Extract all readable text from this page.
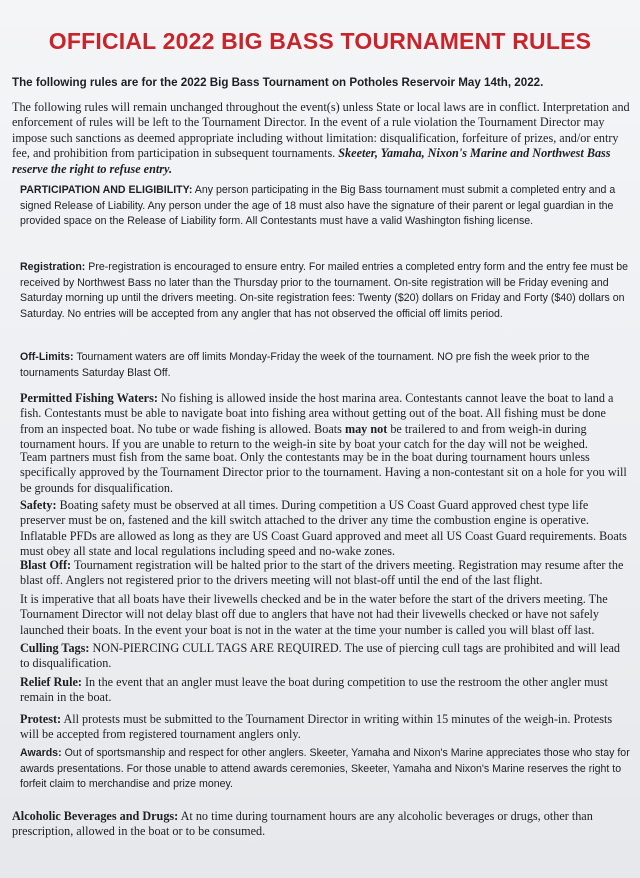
OFFICIAL 2022 BIG BASS TOURNAMENT RULES

The following rules are for the 2022 Big Bass Tournament on Potholes Reservoir May 14th, 2022.

The following rules will remain unchanged throughout the event(s) unless State or local laws are in conflict. Interpretation and enforcement of rules will be left to the Tournament Director. In the event of a rule violation the Tournament Director may impose such sanctions as deemed appropriate including without limitation: disqualification, forfeiture of prizes, and/or entry fee, and prohibition from participation in subsequent tournaments. Skeeter, Yamaha, Nixon's Marine and Northwest Bass reserve the right to refuse entry.

PARTICIPATION AND ELIGIBILITY: Any person participating in the Big Bass tournament must submit a completed entry and a signed Release of Liability. Any person under the age of 18 must also have the signature of their parent or legal guardian in the provided space on the Release of Liability form. All Contestants must have a valid Washington fishing license.

Registration: Pre-registration is encouraged to ensure entry. For mailed entries a completed entry form and the entry fee must be received by Northwest Bass no later than the Thursday prior to the tournament. On-site registration will be Friday evening and Saturday morning up until the drivers meeting. On-site registration fees: Twenty ($20) dollars on Friday and Forty ($40) dollars on Saturday. No entries will be accepted from any angler that has not observed the official off limits period.

Off-Limits: Tournament waters are off limits Monday-Friday the week of the tournament. NO pre fish the week prior to the tournaments Saturday Blast Off.

Permitted Fishing Waters: No fishing is allowed inside the host marina area. Contestants cannot leave the boat to land a fish. Contestants must be able to navigate boat into fishing area without getting out of the boat. All fishing must be done from an inspected boat. No tube or wade fishing is allowed. Boats may not be trailered to and from weigh-in during tournament hours. If you are unable to return to the weigh-in site by boat your catch for the day will not be weighed.

Team partners must fish from the same boat. Only the contestants may be in the boat during tournament hours unless specifically approved by the Tournament Director prior to the tournament. Having a non-contestant sit on a hole for you will be grounds for disqualification.

Safety: Boating safety must be observed at all times. During competition a US Coast Guard approved chest type life preserver must be on, fastened and the kill switch attached to the driver any time the combustion engine is operative. Inflatable PFDs are allowed as long as they are US Coast Guard approved and meet all US Coast Guard requirements. Boats must obey all state and local regulations including speed and no-wake zones.

Blast Off: Tournament registration will be halted prior to the start of the drivers meeting. Registration may resume after the blast off. Anglers not registered prior to the drivers meeting will not blast-off until the end of the last flight.

It is imperative that all boats have their livewells checked and be in the water before the start of the drivers meeting. The Tournament Director will not delay blast off due to anglers that have not had their livewells checked or have not safely launched their boats. In the event your boat is not in the water at the time your number is called you will blast off last.

Culling Tags: NON-PIERCING CULL TAGS ARE REQUIRED. The use of piercing cull tags are prohibited and will lead to disqualification.

Relief Rule: In the event that an angler must leave the boat during competition to use the restroom the other angler must remain in the boat.

Protest: All protests must be submitted to the Tournament Director in writing within 15 minutes of the weigh-in. Protests will be accepted from registered tournament anglers only.

Awards: Out of sportsmanship and respect for other anglers. Skeeter, Yamaha and Nixon's Marine appreciates those who stay for awards presentations. For those unable to attend awards ceremonies, Skeeter, Yamaha and Nixon's Marine reserves the right to forfeit claim to merchandise and prize money.

Alcoholic Beverages and Drugs: At no time during tournament hours are any alcoholic beverages or drugs, other than prescription, allowed in the boat or to be consumed.
